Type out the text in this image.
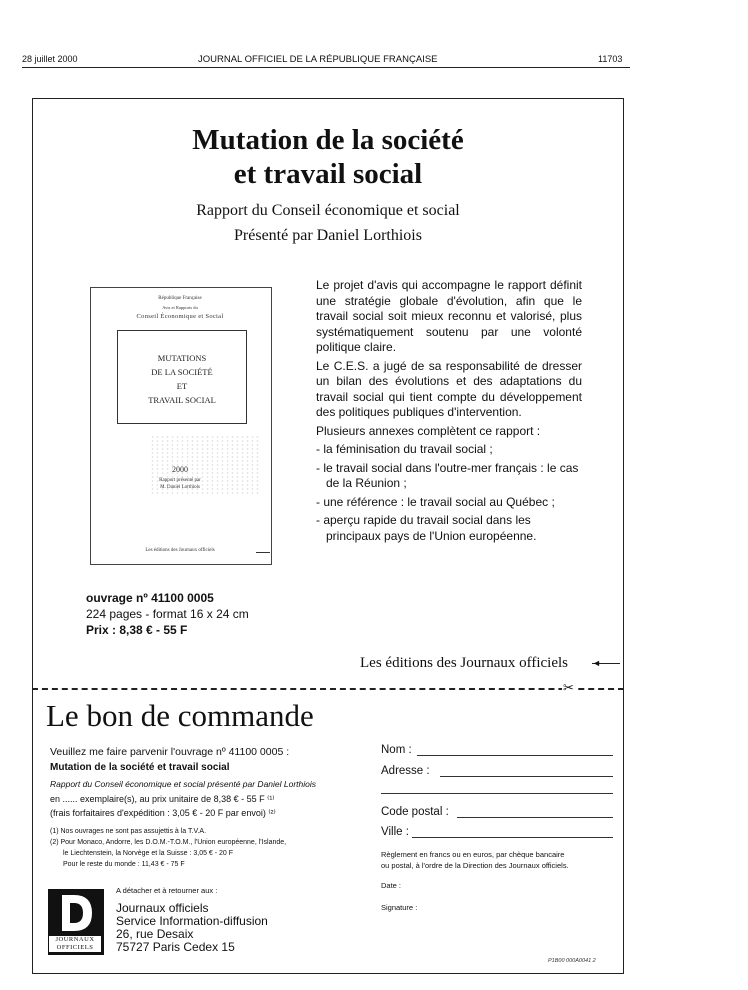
28 juillet 2000	JOURNAL OFFICIEL DE LA RÉPUBLIQUE FRANÇAISE	11703
Mutation de la société
et travail social
Rapport du Conseil économique et social
Présenté par Daniel Lorthiois
République Française
Avis et Rapports du
Conseil Économique et Social
MUTATIONS
DE LA SOCIÉTÉ
ET
TRAVAIL SOCIAL
2000
Rapport présenté par
M. Daniel Lorthiois
Les éditions des Journaux officiels
ouvrage nº 41100 0005
224 pages - format 16 x 24 cm
Prix : 8,38 € - 55 F

Le projet d'avis qui accompagne le rapport définit une stratégie globale d'évolution, afin que le travail social soit mieux reconnu et valorisé, plus systématiquement soutenu par une volonté politique claire.

Le C.E.S. a jugé de sa responsabilité de dresser un bilan des évolutions et des adaptations du travail social qui tient compte du développement des politiques publiques d'intervention.

Plusieurs annexes complètent ce rapport :

- la féminisation du travail social ;

- le travail social dans l'outre-mer français : le cas de la Réunion ;

- une référence : le travail social au Québec ;

- aperçu rapide du travail social dans les principaux pays de l'Union européenne.

Les éditions des Journaux officiels	◄
✂
Le bon de commande
Veuillez me faire parvenir l'ouvrage nº 41100 0005 :
Mutation de la société et travail social
Rapport du Conseil économique et social présenté par Daniel Lorthiois
en ...... exemplaire(s), au prix unitaire de 8,38 € - 55 F ⁽¹⁾
(frais forfaitaires d'expédition : 3,05 € - 20 F par envoi) ⁽²⁾
(1) Nos ouvrages ne sont pas assujettis à la T.V.A.
(2) Pour Monaco, Andorre, les D.O.M.-T.O.M., l'Union européenne, l'Islande,
le Liechtenstein, la Norvège et la Suisse : 3,05 € - 20 F
Pour le reste du monde : 11,43 € - 75 F
JOURNAUX
OFFICIELS
A détacher et à retourner aux :
Journaux officiels
Service Information-diffusion
26, rue Desaix
75727 Paris Cedex 15
Nom :
Adresse :
Code postal :
Ville :
Règlement en francs ou en euros, par chèque bancaire
ou postal, à l'ordre de la Direction des Journaux officiels.
Date :
Signature :
P1B00 000A0041 2
